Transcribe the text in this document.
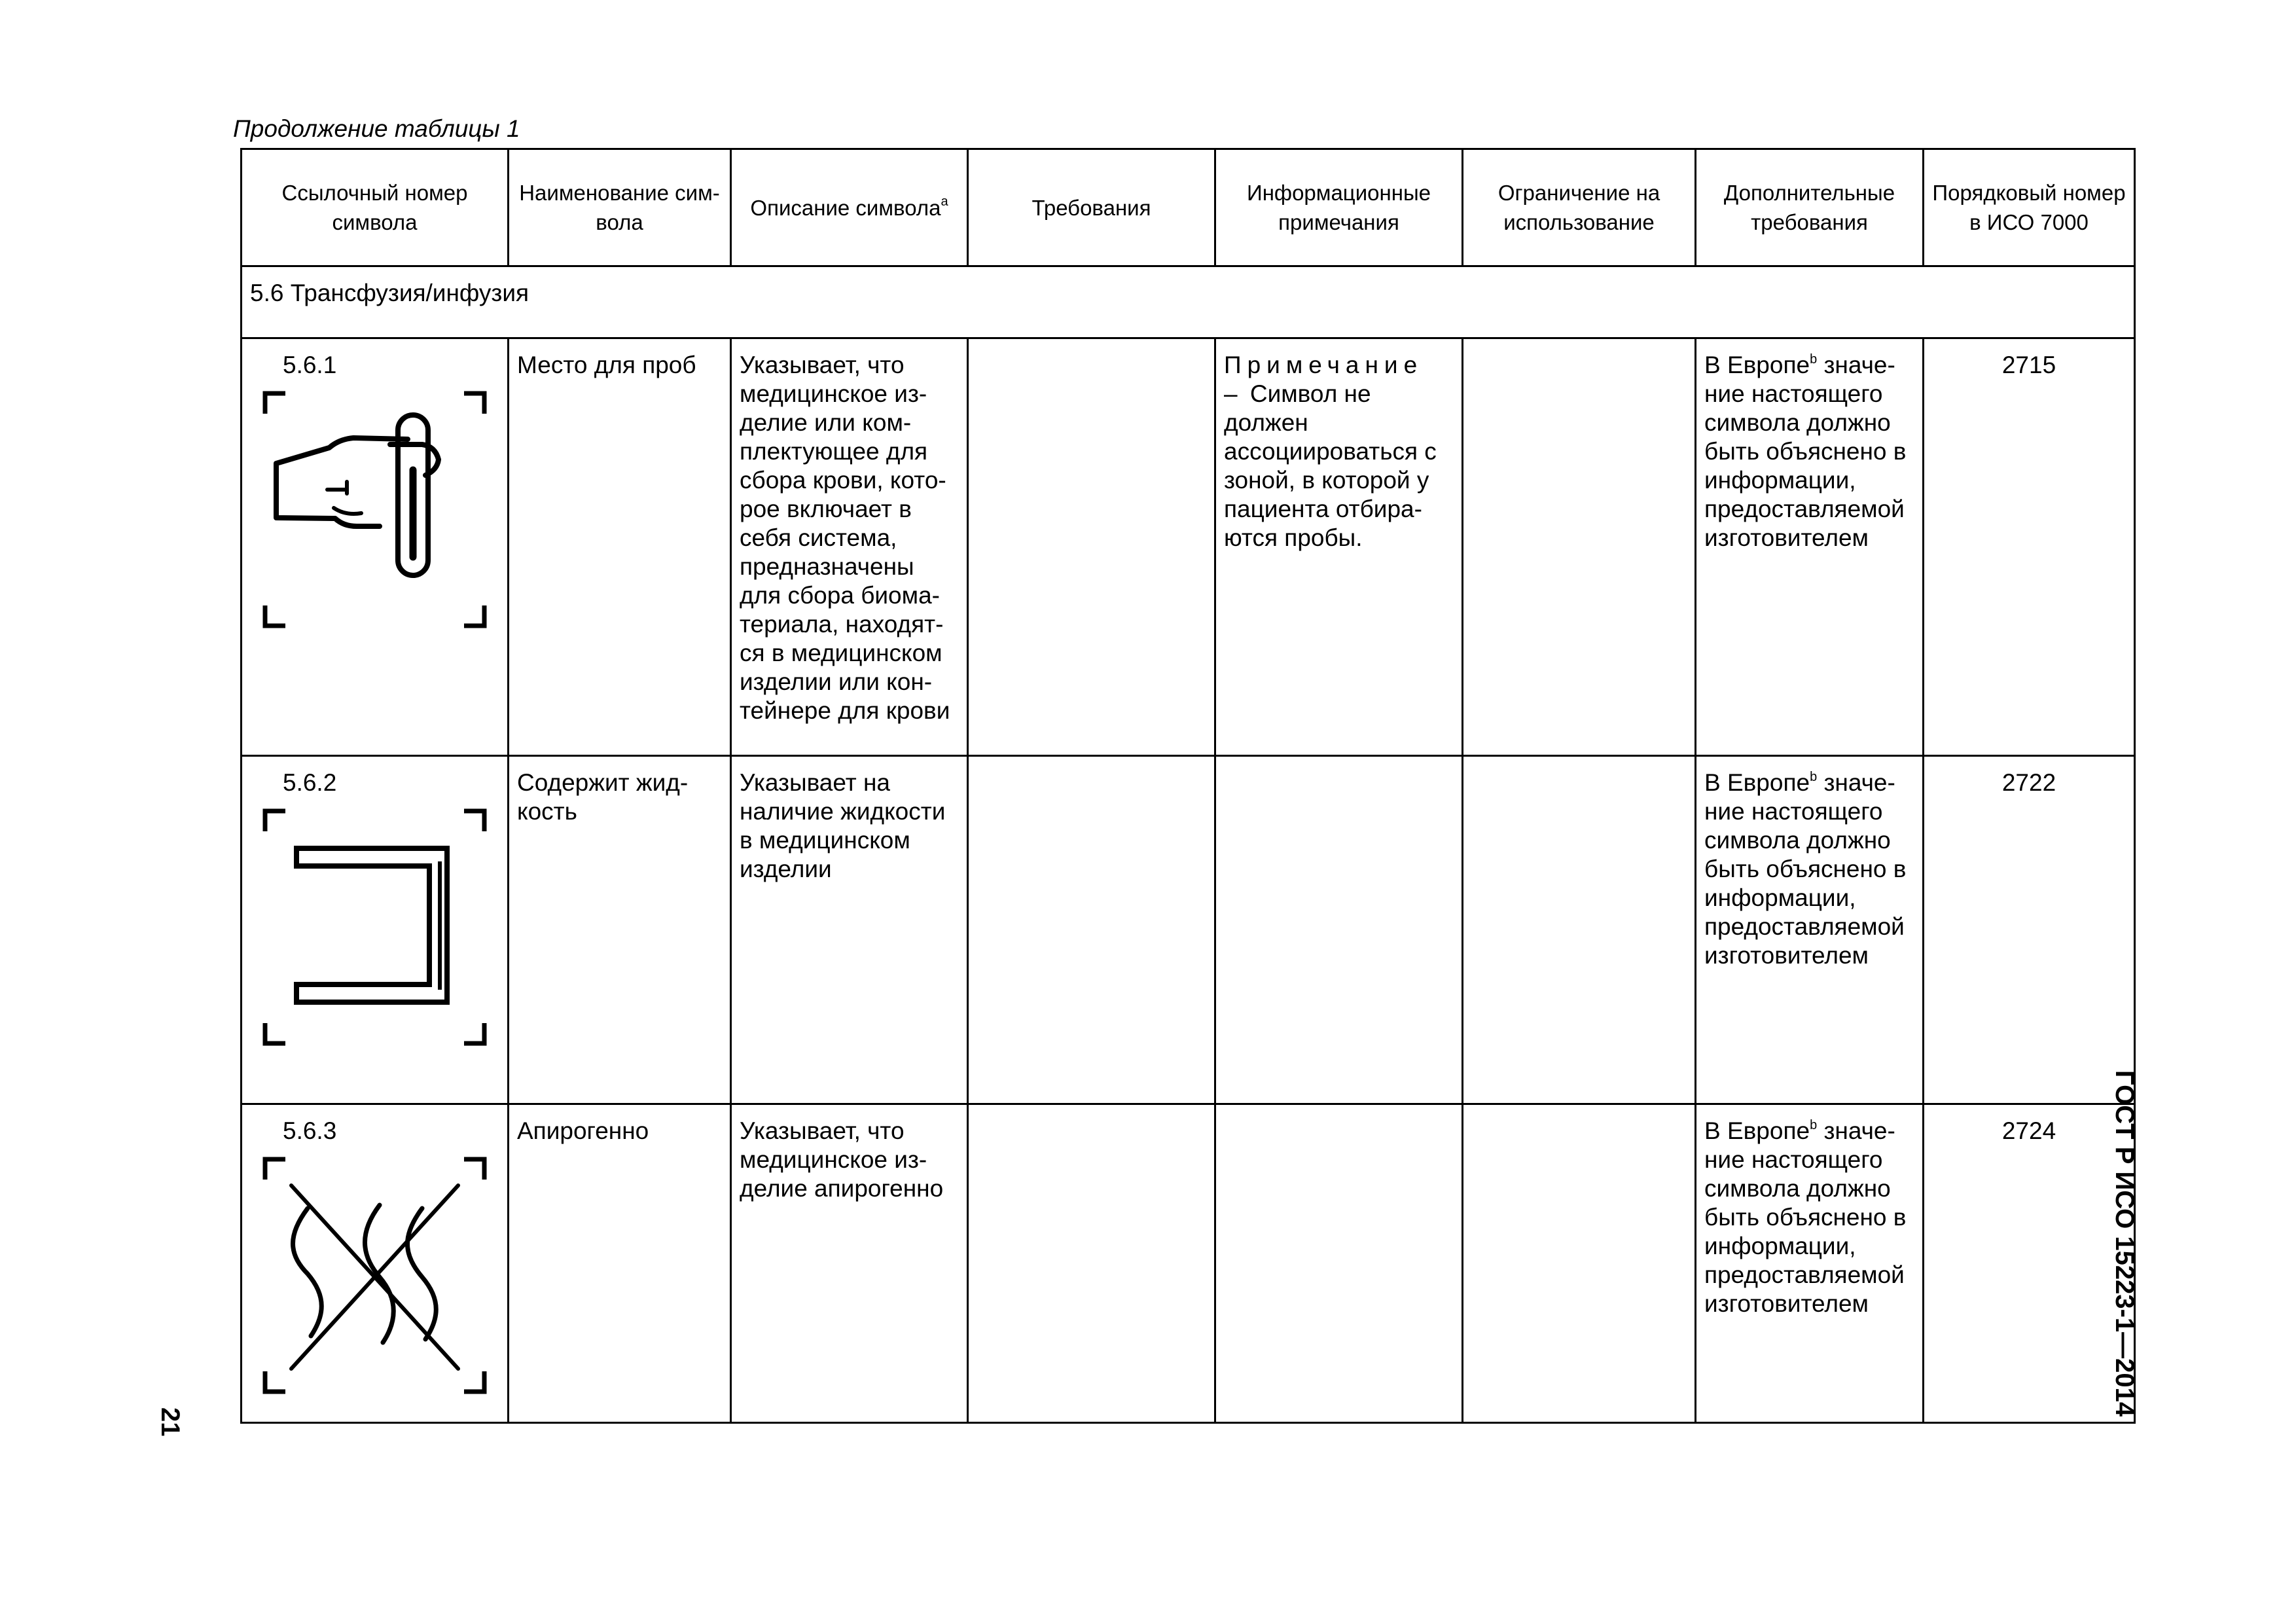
Продолжение таблицы 1
Ссылочный номер символа	Наименование сим-вола	Описание символа$^a$	Требования	Информационные примечания	Ограничение на использование	Дополнительные требования	Порядковый номер в ИСО 7000
5.6 Трансфузия/инфузия							

5.6.1	Место для проб	Указывает, что медицинское из-делие или ком-плектующее для сбора крови, кото-рое включает в себя система, предназначены для сбора биома-териала, находят-ся в медицинском изделии или кон-тейнере для крови		Примечание – Символ не должен ассоциироваться с зоной, в которой у пациента отбира-ются пробы.		В Европе$^b$ значе-ние настоящего символа должно быть объяснено в информации, предоставляемой изготовителем	2715

5.6.2	Содержит жид-кость	Указывает на наличие жидкости в медицинском изделии				В Европе$^b$ значе-ние настоящего символа должно быть объяснено в информации, предоставляемой изготовителем	2722

5.6.3	Апирогенно	Указывает, что медицинское из-делие апирогенно				В Европе$^b$ значе-ние настоящего символа должно быть объяснено в информации, предоставляемой изготовителем	2724 ГОСТ Р ИСО 15223-1—2014
21
